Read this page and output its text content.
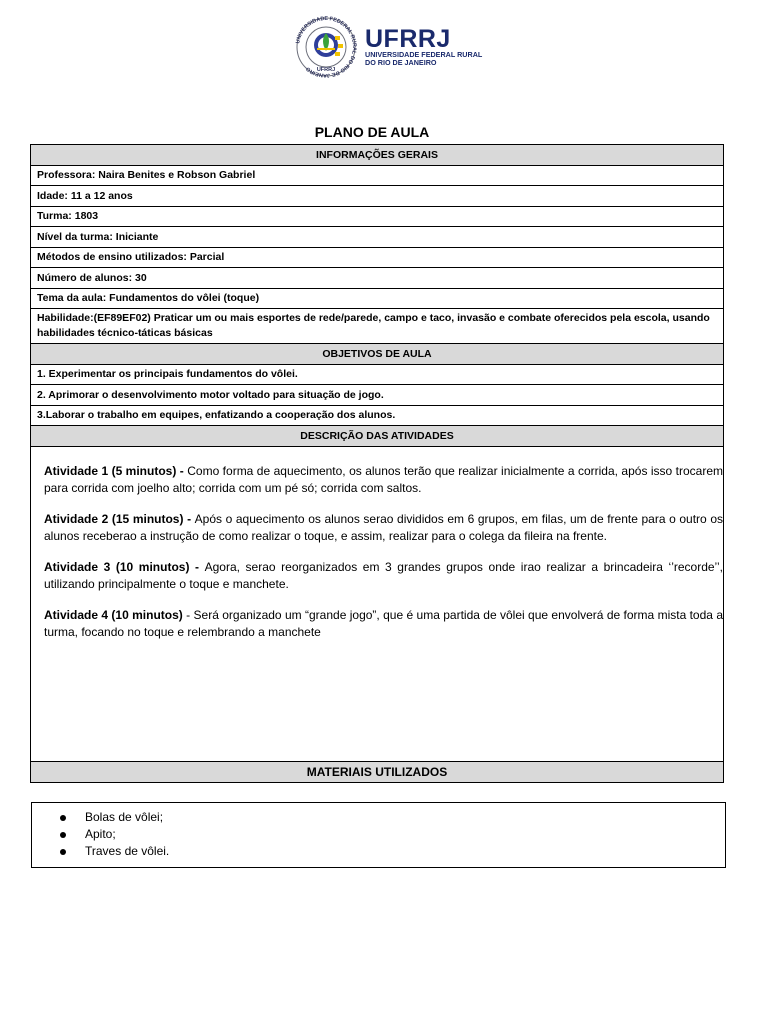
UNIVERSIDADE FEDERAL RURAL DO RIO DE JANEIRO UFRRJ
UFRRJ
UNIVERSIDADE FEDERAL RURAL
DO RIO DE JANEIRO
PLANO DE AULA
INFORMAÇÕES GERAIS
Professora: Naira Benites e Robson Gabriel
Idade: 11 a 12 anos
Turma: 1803
Nível da turma: Iniciante
Métodos de ensino utilizados: Parcial
Número de alunos: 30
Tema da aula: Fundamentos do vôlei (toque)
Habilidade:(EF89EF02) Praticar um ou mais esportes de rede/parede, campo e taco, invasão e combate oferecidos pela escola, usando habilidades técnico-táticas básicas
OBJETIVOS DE AULA
1. Experimentar os principais fundamentos do vôlei.
2. Aprimorar o desenvolvimento motor voltado para situação de jogo.
3.Laborar o trabalho em equipes, enfatizando a cooperação dos alunos.
DESCRIÇÃO DAS ATIVIDADES

Atividade 1 (5 minutos) - Como forma de aquecimento, os alunos terão que realizar inicialmente a corrida, após isso trocarem para corrida com joelho alto; corrida com um pé só; corrida com saltos.

Atividade 2 (15 minutos) - Após o aquecimento os alunos serao divididos em 6 grupos, em filas, um de frente para o outro os alunos receberao a instrução de como realizar o toque, e assim, realizar para o colega da fileira na frente.

Atividade 3 (10 minutos) - Agora, serao reorganizados em 3 grandes grupos onde irao realizar a brincadeira ‘’recorde’’, utilizando principalmente o toque e manchete.

Atividade 4 (10 minutos) - Será organizado um “grande jogo”, que é uma partida de vôlei que envolverá de forma mista toda a turma, focando no toque e relembrando a manchete

MATERIAIS UTILIZADOS
Bolas de vôlei;
Apito;
Traves de vôlei.
